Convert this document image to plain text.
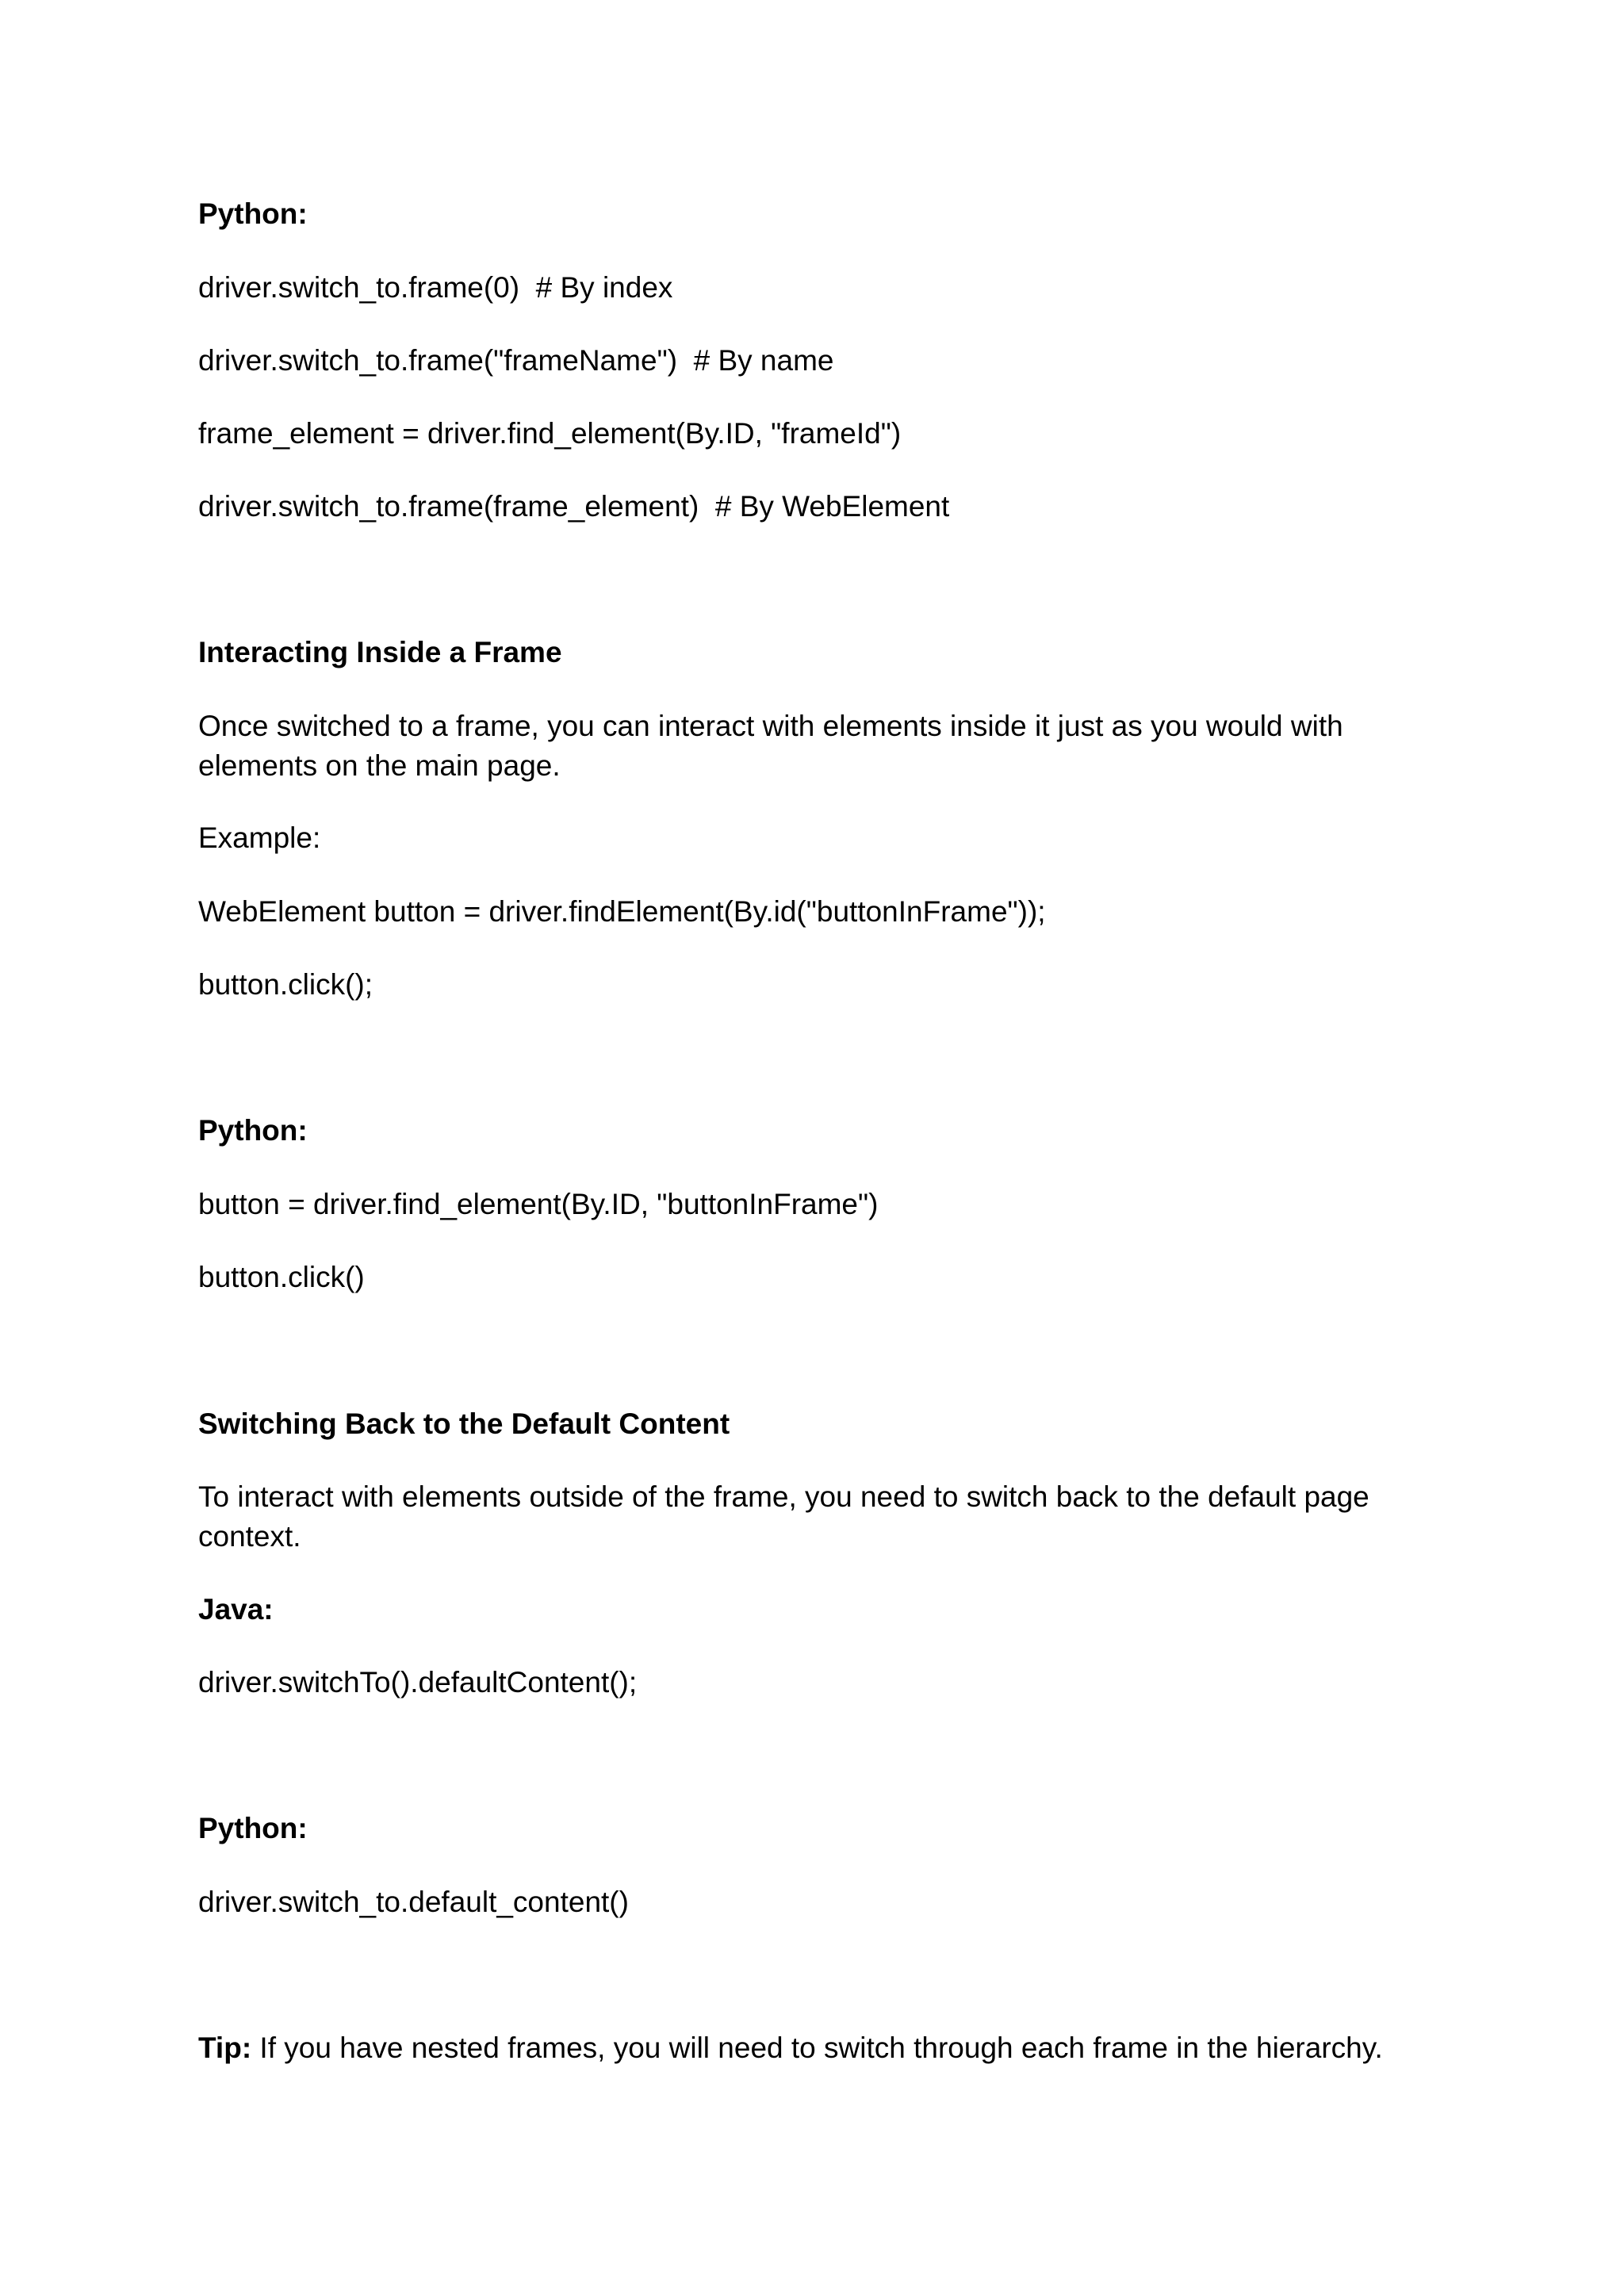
Python:
driver.switch_to.frame(0)  # By index
driver.switch_to.frame("frameName")  # By name
frame_element = driver.find_element(By.ID, "frameId")
driver.switch_to.frame(frame_element)  # By WebElement
Interacting Inside a Frame
Once switched to a frame, you can interact with elements inside it just as you would with elements on the main page.
Example:
WebElement button = driver.findElement(By.id("buttonInFrame"));
button.click();
Python:
button = driver.find_element(By.ID, "buttonInFrame")
button.click()
Switching Back to the Default Content
To interact with elements outside of the frame, you need to switch back to the default page context.
Java:
driver.switchTo().defaultContent();
Python:
driver.switch_to.default_content()
Tip: If you have nested frames, you will need to switch through each frame in the hierarchy.
